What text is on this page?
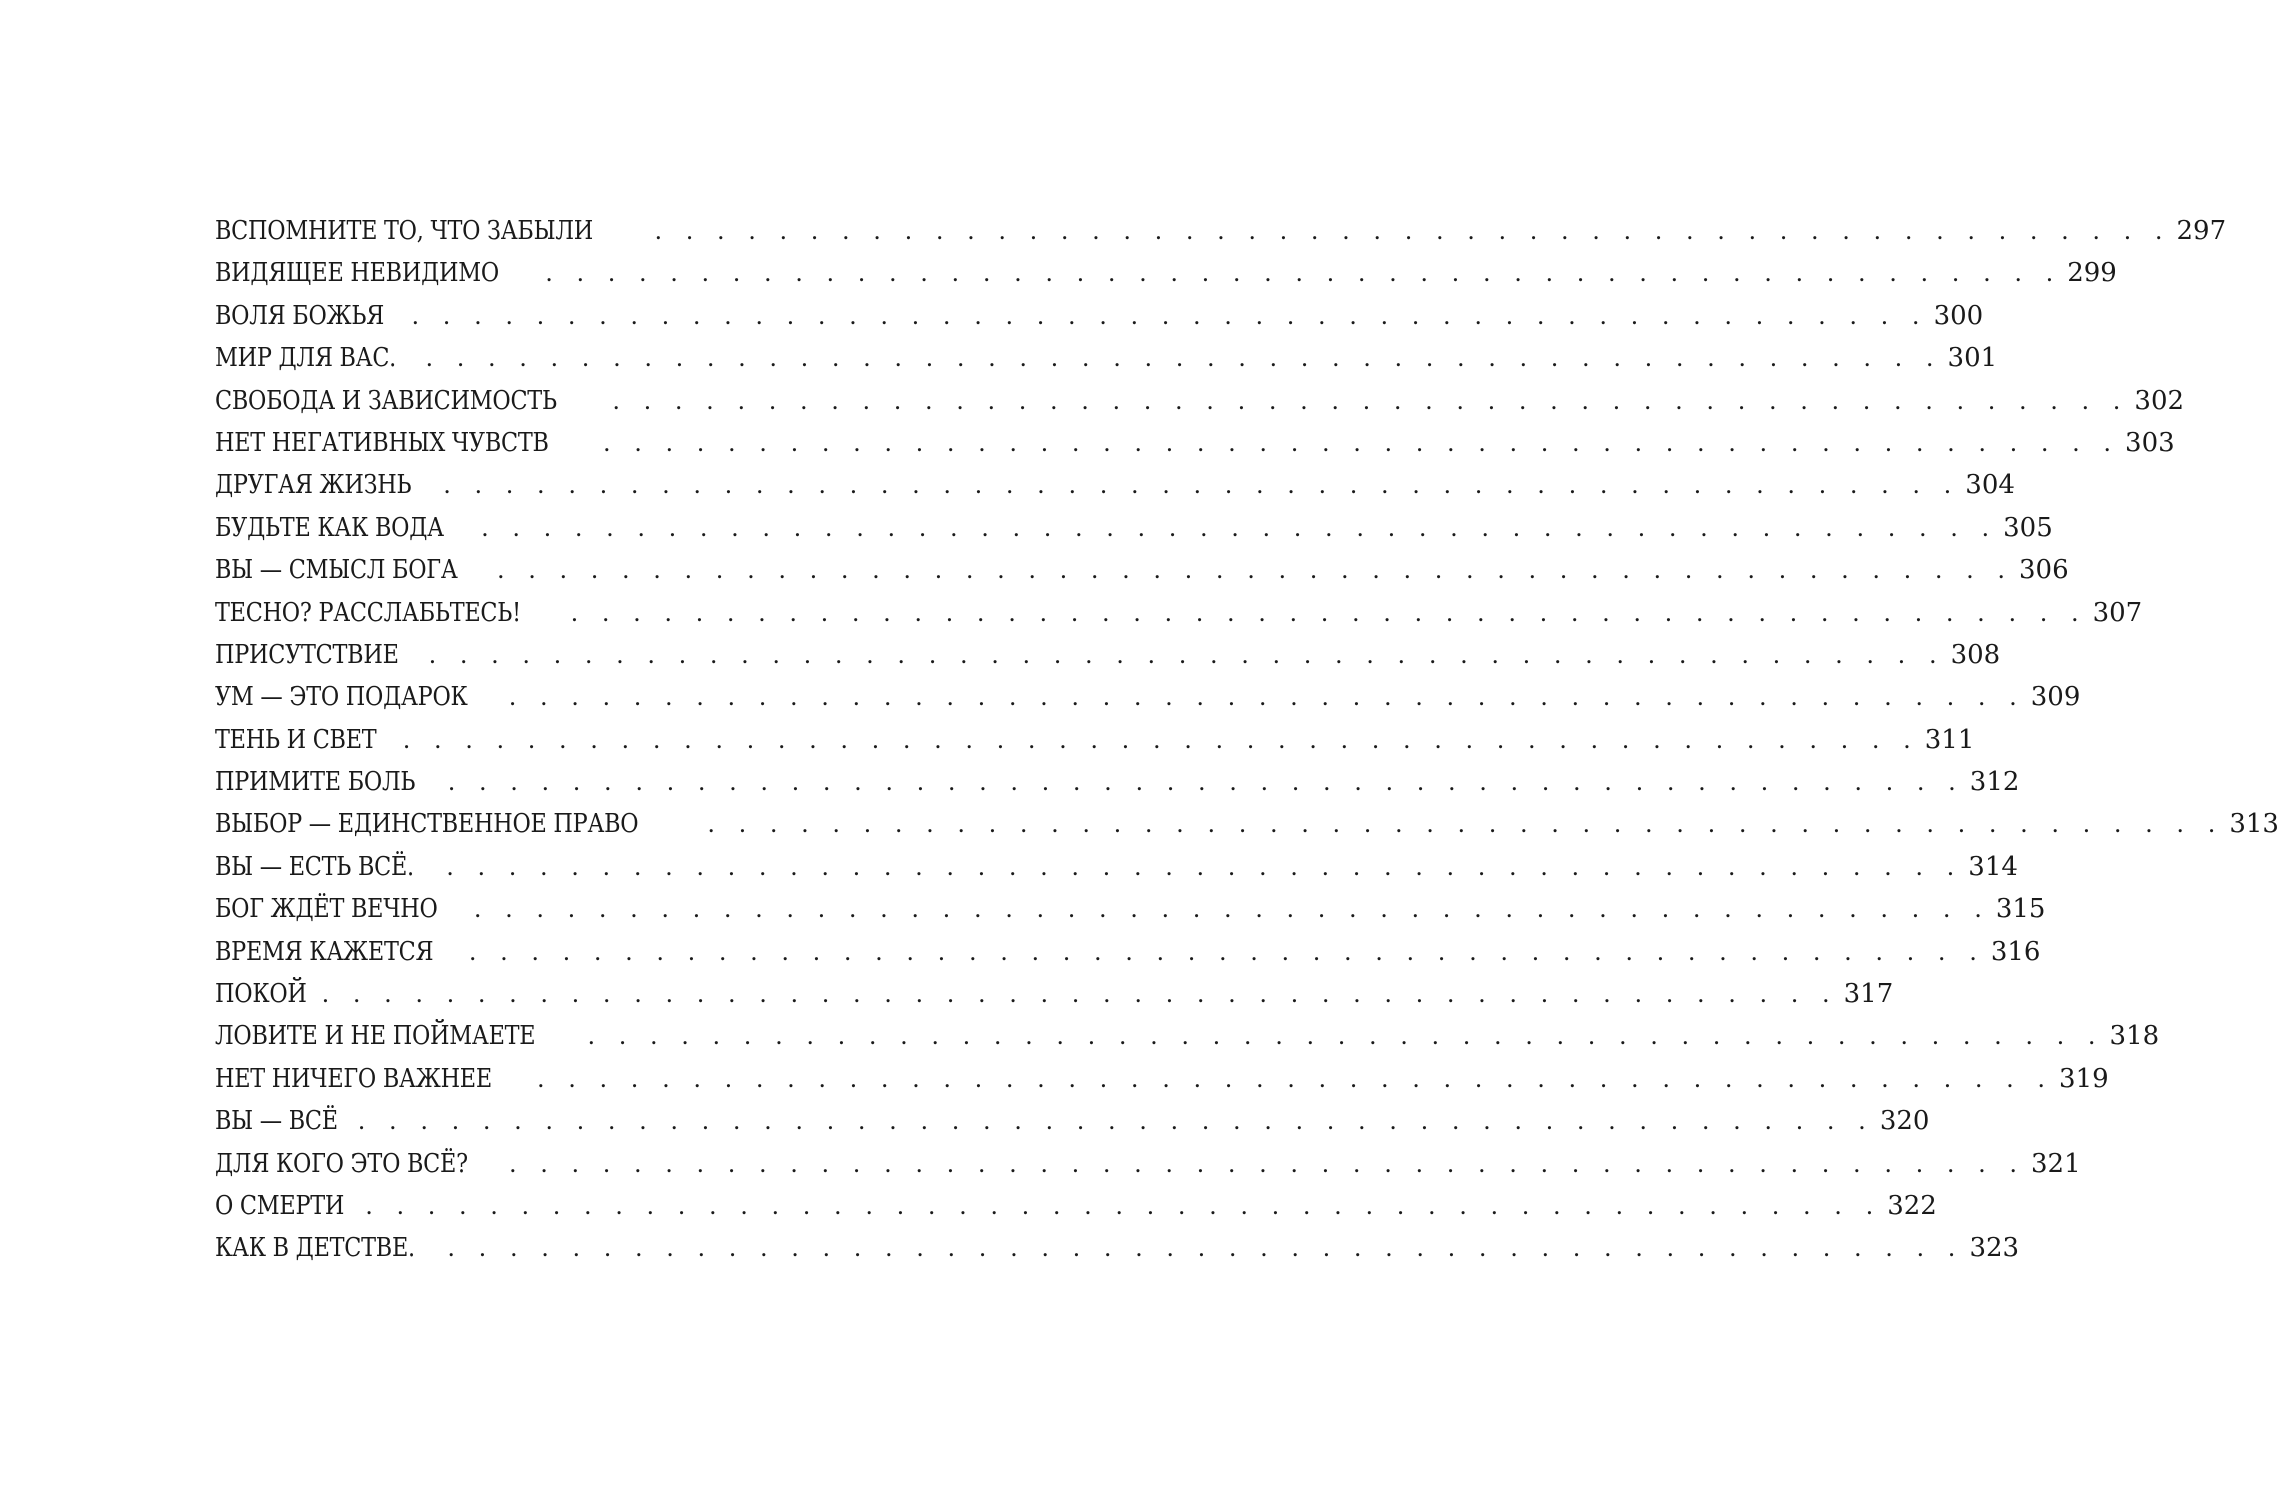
ВСПОМНИТЕ ТО, ЧТО ЗАБЫЛИ	. . . . . . . . . . . . . . . . . . . . . . . . . . . . . . . . . . . . . . . . . . . . . . . . . 297
ВИДЯЩЕЕ НЕВИДИМО . . . . . . . . . . . . . . . . . . . . . . . . . . . . . . . . . . . . . . . . . . . . . . . . . 299
ВОЛЯ БОЖЬЯ . . . . . . . . . . . . . . . . . . . . . . . . . . . . . . . . . . . . . . . . . . . . . . . . . 300
МИР ДЛЯ ВАС. . . . . . . . . . . . . . . . . . . . . . . . . . . . . . . . . . . . . . . . . . . . . . . . . . 301
СВОБОДА И ЗАВИСИМОСТЬ . . . . . . . . . . . . . . . . . . . . . . . . . . . . . . . . . . . . . . . . . . . . . . . . . 302
НЕТ НЕГАТИВНЫХ ЧУВСТВ . . . . . . . . . . . . . . . . . . . . . . . . . . . . . . . . . . . . . . . . . . . . . . . . . 303
ДРУГАЯ ЖИЗНЬ . . . . . . . . . . . . . . . . . . . . . . . . . . . . . . . . . . . . . . . . . . . . . . . . . 304
БУДЬТЕ КАК ВОДА . . . . . . . . . . . . . . . . . . . . . . . . . . . . . . . . . . . . . . . . . . . . . . . . . 305
ВЫ — СМЫСЛ БОГА . . . . . . . . . . . . . . . . . . . . . . . . . . . . . . . . . . . . . . . . . . . . . . . . . 306
ТЕСНО? РАССЛАБЬТЕСЬ! . . . . . . . . . . . . . . . . . . . . . . . . . . . . . . . . . . . . . . . . . . . . . . . . . 307
ПРИСУТСТВИЕ . . . . . . . . . . . . . . . . . . . . . . . . . . . . . . . . . . . . . . . . . . . . . . . . . 308
УМ — ЭТО ПОДАРОК . . . . . . . . . . . . . . . . . . . . . . . . . . . . . . . . . . . . . . . . . . . . . . . . . 309
ТЕНЬ И СВЕТ . . . . . . . . . . . . . . . . . . . . . . . . . . . . . . . . . . . . . . . . . . . . . . . . . 311
ПРИМИТЕ БОЛЬ . . . . . . . . . . . . . . . . . . . . . . . . . . . . . . . . . . . . . . . . . . . . . . . . . 312
ВЫБОР — ЕДИНСТВЕННОЕ ПРАВО	. . . . . . . . . . . . . . . . . . . . . . . . . . . . . . . . . . . . . . . . . . . . . . . . . 313
ВЫ — ЕСТЬ ВСЁ. . . . . . . . . . . . . . . . . . . . . . . . . . . . . . . . . . . . . . . . . . . . . . . . . . 314
БОГ ЖДЁТ ВЕЧНО . . . . . . . . . . . . . . . . . . . . . . . . . . . . . . . . . . . . . . . . . . . . . . . . . 315
ВРЕМЯ КАЖЕТСЯ . . . . . . . . . . . . . . . . . . . . . . . . . . . . . . . . . . . . . . . . . . . . . . . . . 316
ПОКОЙ . . . . . . . . . . . . . . . . . . . . . . . . . . . . . . . . . . . . . . . . . . . . . . . . . 317
ЛОВИТЕ И НЕ ПОЙМАЕТЕ . . . . . . . . . . . . . . . . . . . . . . . . . . . . . . . . . . . . . . . . . . . . . . . . . 318
НЕТ НИЧЕГО ВАЖНЕЕ . . . . . . . . . . . . . . . . . . . . . . . . . . . . . . . . . . . . . . . . . . . . . . . . . 319
ВЫ — ВСЁ . . . . . . . . . . . . . . . . . . . . . . . . . . . . . . . . . . . . . . . . . . . . . . . . . 320
ДЛЯ КОГО ЭТО ВСЁ? . . . . . . . . . . . . . . . . . . . . . . . . . . . . . . . . . . . . . . . . . . . . . . . . . 321
О СМЕРТИ . . . . . . . . . . . . . . . . . . . . . . . . . . . . . . . . . . . . . . . . . . . . . . . . . 322
КАК В ДЕТСТВЕ. . . . . . . . . . . . . . . . . . . . . . . . . . . . . . . . . . . . . . . . . . . . . . . . . . 323
